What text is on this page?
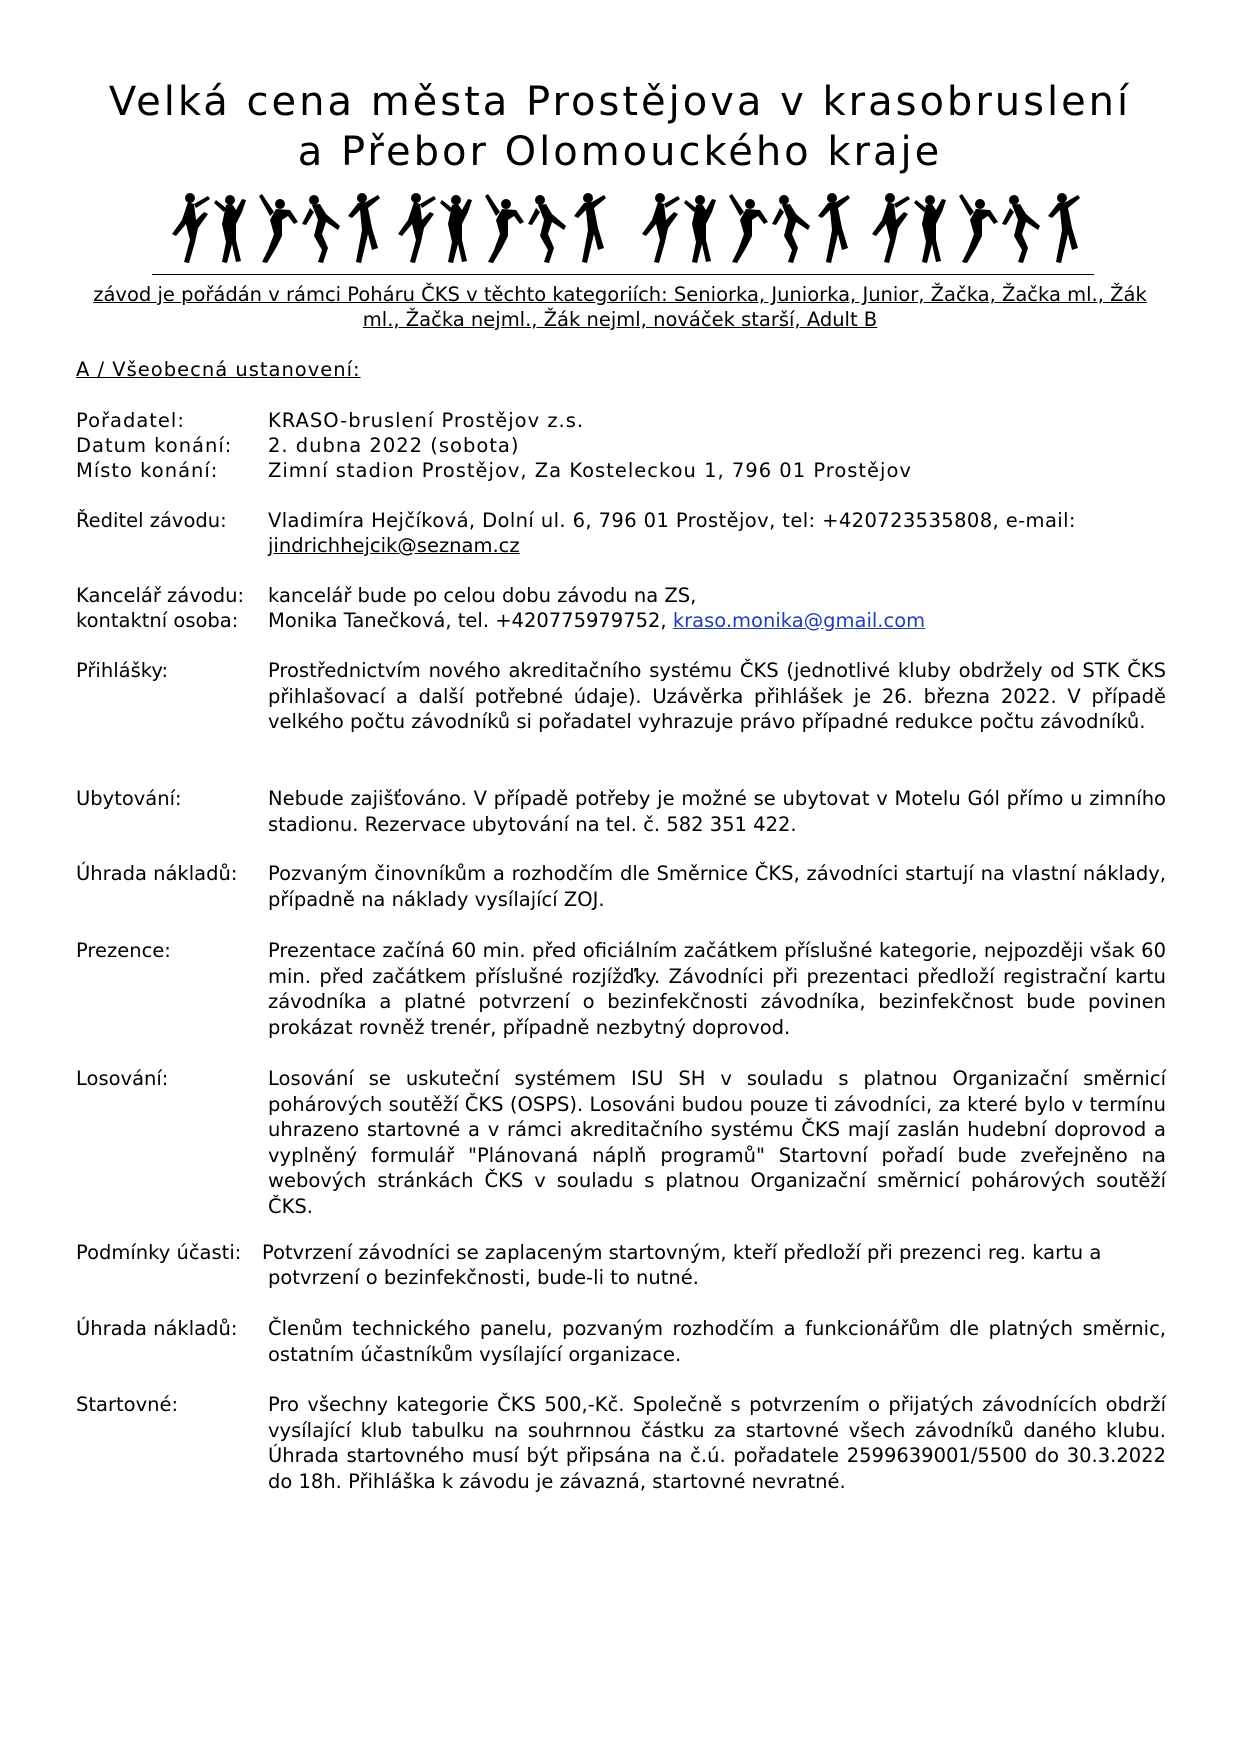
Velká cena města Prostějova v krasobruslení
a Přebor Olomouckého kraje
závod je pořádán v rámci Poháru ČKS v těchto kategoriích: Seniorka, Juniorka, Junior, Žačka, Žačka ml., Žák ml., Žačka nejml., Žák nejml, nováček starší, Adult B
A / Všeobecná ustanovení:
Pořadatel:	KRASO-bruslení Prostějov z.s.
Datum konání: 2. dubna 2022 (sobota)
Místo konání:	Zimní stadion Prostějov, Za Kosteleckou 1, 796 01 Prostějov
Ředitel závodu: Vladimíra Hejčíková, Dolní ul. 6, 796 01 Prostějov, tel: +420723535808, e-mail:
jindrichhejcik@seznam.cz
Kancelář závodu: kancelář bude po celou dobu závodu na ZS,
kontaktní osoba: Monika Tanečková, tel. +420775979752, kraso.monika@gmail.com
Přihlášky:	Prostřednictvím nového akreditačního systému ČKS (jednotlivé kluby obdržely od STK ČKS přihlašovací a další potřebné údaje). Uzávěrka přihlášek je 26. března 2022. V případě velkého počtu závodníků si pořadatel vyhrazuje právo případné redukce počtu závodníků.
Ubytování:	Nebude zajišťováno. V případě potřeby je možné se ubytovat v Motelu Gól přímo u zimního stadionu. Rezervace ubytování na tel. č. 582 351 422.
Úhrada nákladů: Pozvaným činovníkům a rozhodčím dle Směrnice ČKS, závodníci startují na vlastní náklady, případně na náklady vysílající ZOJ.
Prezence:	Prezentace začíná 60 min. před oficiálním začátkem příslušné kategorie, nejpozději však 60 min. před začátkem příslušné rozjížďky. Závodníci při prezentaci předloží registrační kartu závodníka a platné potvrzení o bezinfekčnosti závodníka, bezinfekčnost bude povinen prokázat rovněž trenér, případně nezbytný doprovod.
Losování:	Losování se uskuteční systémem ISU SH v souladu s platnou Organizační směrnicí pohárových soutěží ČKS (OSPS). Losováni budou pouze ti závodníci, za které bylo v termínu uhrazeno startovné a v rámci akreditačního systému ČKS mají zaslán hudební doprovod a vyplněný formulář "Plánovaná náplň programů" Startovní pořadí bude zveřejněno na webových stránkách ČKS v souladu s platnou Organizační směrnicí pohárových soutěží ČKS.
Podmínky účasti: Potvrzení závodníci se zaplaceným startovným, kteří předloží při prezenci reg. kartu a
potvrzení o bezinfekčnosti, bude-li to nutné.
Úhrada nákladů: Členům technického panelu, pozvaným rozhodčím a funkcionářům dle platných směrnic, ostatním účastníkům vysílající organizace.
Startovné:	Pro všechny kategorie ČKS 500,-Kč. Společně s potvrzením o přijatých závodnících obdrží vysílající klub tabulku na souhrnnou částku za startovné všech závodníků daného klubu. Úhrada startovného musí být připsána na č.ú. pořadatele 2599639001/5500 do 30.3.2022 do 18h. Přihláška k závodu je závazná, startovné nevratné.
